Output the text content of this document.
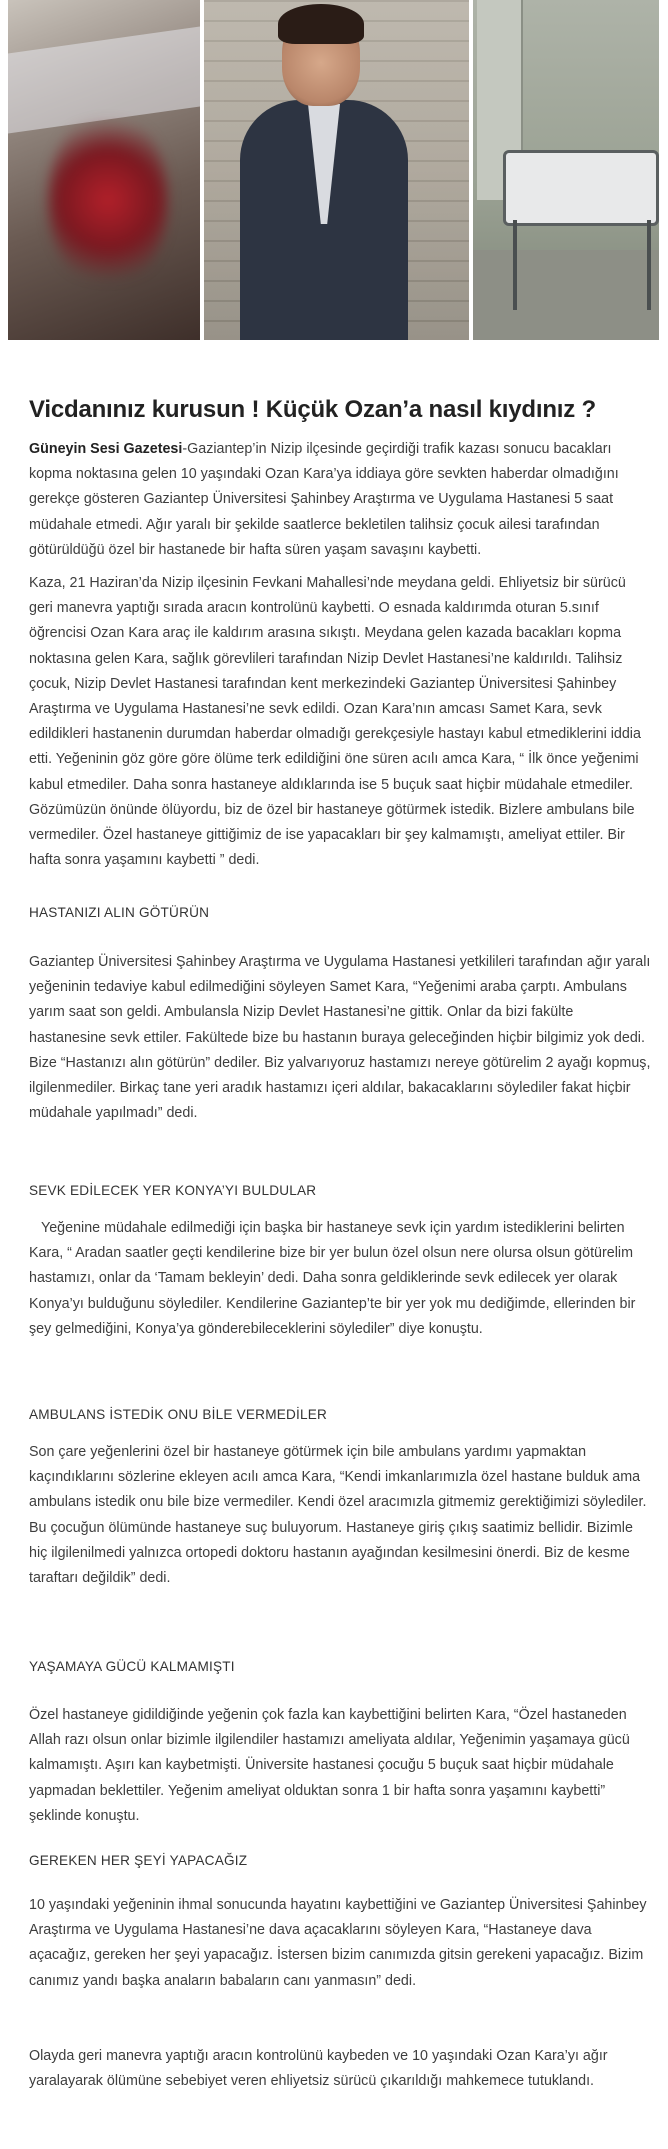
Vicdanınız kurusun ! Küçük Ozan’a nasıl kıydınız ?

Güneyin Sesi Gazetesi-Gaziantep’in Nizip ilçesinde geçirdiği trafik kazası sonucu bacakları kopma noktasına gelen 10 yaşındaki Ozan Kara’ya iddiaya göre sevkten haberdar olmadığını gerekçe gösteren Gaziantep Üniversitesi Şahinbey Araştırma ve Uygulama Hastanesi 5 saat müdahale etmedi. Ağır yaralı bir şekilde saatlerce bekletilen talihsiz çocuk ailesi tarafından götürüldüğü özel bir hastanede bir hafta süren yaşam savaşını kaybetti.

Kaza, 21 Haziran’da Nizip ilçesinin Fevkani Mahallesi’nde meydana geldi. Ehliyetsiz bir sürücü geri manevra yaptığı sırada aracın kontrolünü kaybetti. O esnada kaldırımda oturan 5.sınıf öğrencisi Ozan Kara araç ile kaldırım arasına sıkıştı. Meydana gelen kazada bacakları kopma noktasına gelen Kara, sağlık görevlileri tarafından Nizip Devlet Hastanesi’ne kaldırıldı. Talihsiz çocuk, Nizip Devlet Hastanesi tarafından kent merkezindeki Gaziantep Üniversitesi Şahinbey Araştırma ve Uygulama Hastanesi’ne sevk edildi. Ozan Kara’nın amcası Samet Kara, sevk edildikleri hastanenin durumdan haberdar olmadığı gerekçesiyle hastayı kabul etmediklerini iddia etti. Yeğeninin göz göre göre ölüme terk edildiğini öne süren acılı amca Kara, “ İlk önce yeğenimi kabul etmediler. Daha sonra hastaneye aldıklarında ise 5 buçuk saat hiçbir müdahale etmediler. Gözümüzün önünde ölüyordu, biz de özel bir hastaneye götürmek istedik. Bizlere ambulans bile vermediler. Özel hastaneye gittiğimiz de ise yapacakları bir şey kalmamıştı, ameliyat ettiler. Bir hafta sonra yaşamını kaybetti ” dedi.

HASTANIZI ALIN GÖTÜRÜN

Gaziantep Üniversitesi Şahinbey Araştırma ve Uygulama Hastanesi yetkilileri tarafından ağır yaralı yeğeninin tedaviye kabul edilmediğini söyleyen Samet Kara, “Yeğenimi araba çarptı. Ambulans yarım saat son geldi. Ambulansla Nizip Devlet Hastanesi’ne gittik. Onlar da bizi fakülte hastanesine sevk ettiler. Fakültede bize bu hastanın buraya geleceğinden hiçbir bilgimiz yok dedi. Bize “Hastanızı alın götürün” dediler. Biz yalvarıyoruz hastamızı nereye götürelim 2 ayağı kopmuş, ilgilenmediler. Birkaç tane yeri aradık hastamızı içeri aldılar, bakacaklarını söylediler fakat hiçbir müdahale yapılmadı” dedi.

SEVK EDİLECEK YER KONYA’YI BULDULAR

Yeğenine müdahale edilmediği için başka bir hastaneye sevk için yardım istediklerini belirten Kara, “ Aradan saatler geçti kendilerine bize bir yer bulun özel olsun nere olursa olsun götürelim hastamızı, onlar da ‘Tamam bekleyin’ dedi. Daha sonra geldiklerinde sevk edilecek yer olarak Konya’yı bulduğunu söylediler. Kendilerine Gaziantep’te bir yer yok mu dediğimde, ellerinden bir şey gelmediğini, Konya’ya gönderebileceklerini söylediler” diye konuştu.

AMBULANS İSTEDİK ONU BİLE VERMEDİLER

Son çare yeğenlerini özel bir hastaneye götürmek için bile ambulans yardımı yapmaktan kaçındıklarını sözlerine ekleyen acılı amca Kara, “Kendi imkanlarımızla özel hastane bulduk ama ambulans istedik onu bile bize vermediler. Kendi özel aracımızla gitmemiz gerektiğimizi söylediler. Bu çocuğun ölümünde hastaneye suç buluyorum. Hastaneye giriş çıkış saatimiz bellidir. Bizimle hiç ilgilenilmedi yalnızca ortopedi doktoru hastanın ayağından kesilmesini önerdi. Biz de kesme taraftarı değildik” dedi.

YAŞAMAYA GÜCÜ KALMAMIŞTI

Özel hastaneye gidildiğinde yeğenin çok fazla kan kaybettiğini belirten Kara, “Özel hastaneden Allah razı olsun onlar bizimle ilgilendiler hastamızı ameliyata aldılar, Yeğenimin yaşamaya gücü kalmamıştı. Aşırı kan kaybetmişti. Üniversite hastanesi çocuğu 5 buçuk saat hiçbir müdahale yapmadan beklettiler. Yeğenim ameliyat olduktan sonra 1 bir hafta sonra yaşamını kaybetti” şeklinde konuştu.

GEREKEN HER ŞEYİ YAPACAĞIZ

10 yaşındaki yeğeninin ihmal sonucunda hayatını kaybettiğini ve Gaziantep Üniversitesi Şahinbey Araştırma ve Uygulama Hastanesi’ne dava açacaklarını söyleyen Kara, “Hastaneye dava açacağız, gereken her şeyi yapacağız. İstersen bizim canımızda gitsin gerekeni yapacağız. Bizim canımız yandı başka anaların babaların canı yanmasın” dedi.

Olayda geri manevra yaptığı aracın kontrolünü kaybeden ve 10 yaşındaki Ozan Kara’yı ağır yaralayarak ölümüne sebebiyet veren ehliyetsiz sürücü çıkarıldığı mahkemece tutuklandı.
